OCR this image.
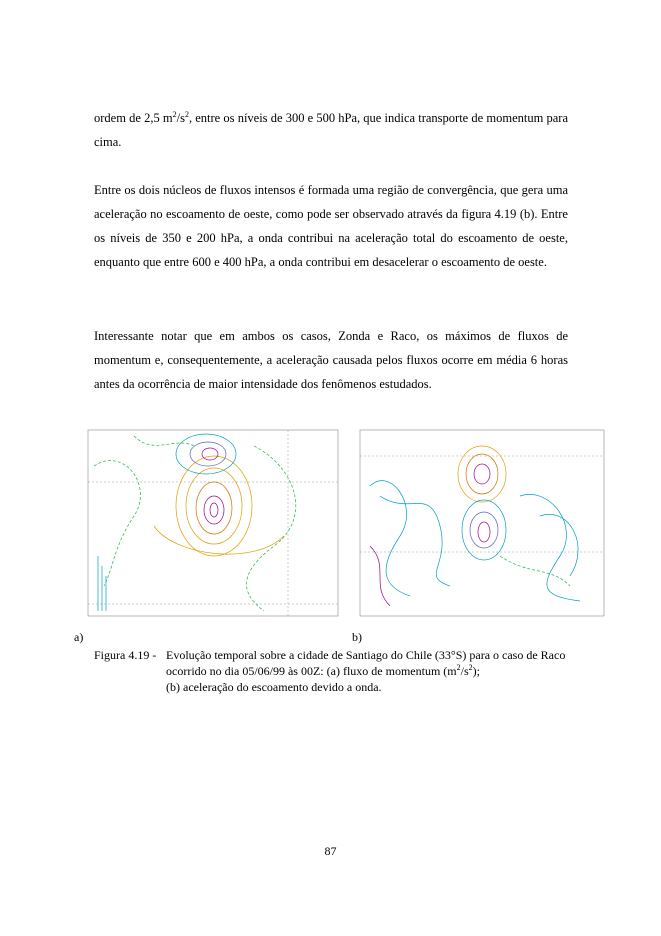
ordem de 2,5 $m^2/s^2$, entre os níveis de 300 e 500 hPa, que indica transporte de momentum para cima.
Entre os dois núcleos de fluxos intensos é formada uma região de convergência, que gera uma aceleração no escoamento de oeste, como pode ser observado através da figura 4.19 (b). Entre os níveis de 350 e 200 hPa, a onda contribui na aceleração total do escoamento de oeste, enquanto que entre 600 e 400 hPa, a onda contribui em desacelerar o escoamento de oeste.
Interessante notar que em ambos os casos, Zonda e Raco, os máximos de fluxos de momentum e, consequentemente, a aceleração causada pelos fluxos ocorre em média 6 horas antes da ocorrência de maior intensidade dos fenômenos estudados.
a)	b)
Figura 4.19 - Evolução temporal sobre a cidade de Santiago do Chile (33°S) para o caso de Raco ocorrido no dia 05/06/99 às 00Z: (a) fluxo de momentum $(m^2/s^2)$;
(b) aceleração do escoamento devido a onda.
87
